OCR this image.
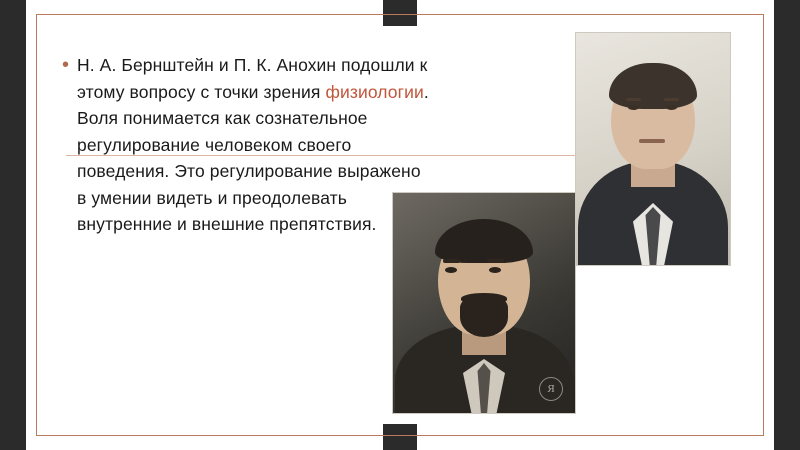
• Н. А. Бернштейн и П. К. Анохин подошли к этому вопросу с точки зрения физиологии. Воля понимается как сознательное регулирование человеком своего поведения. Это регулирование выражено в умении видеть и преодолевать внутренние и внешние препятствия.
Я
